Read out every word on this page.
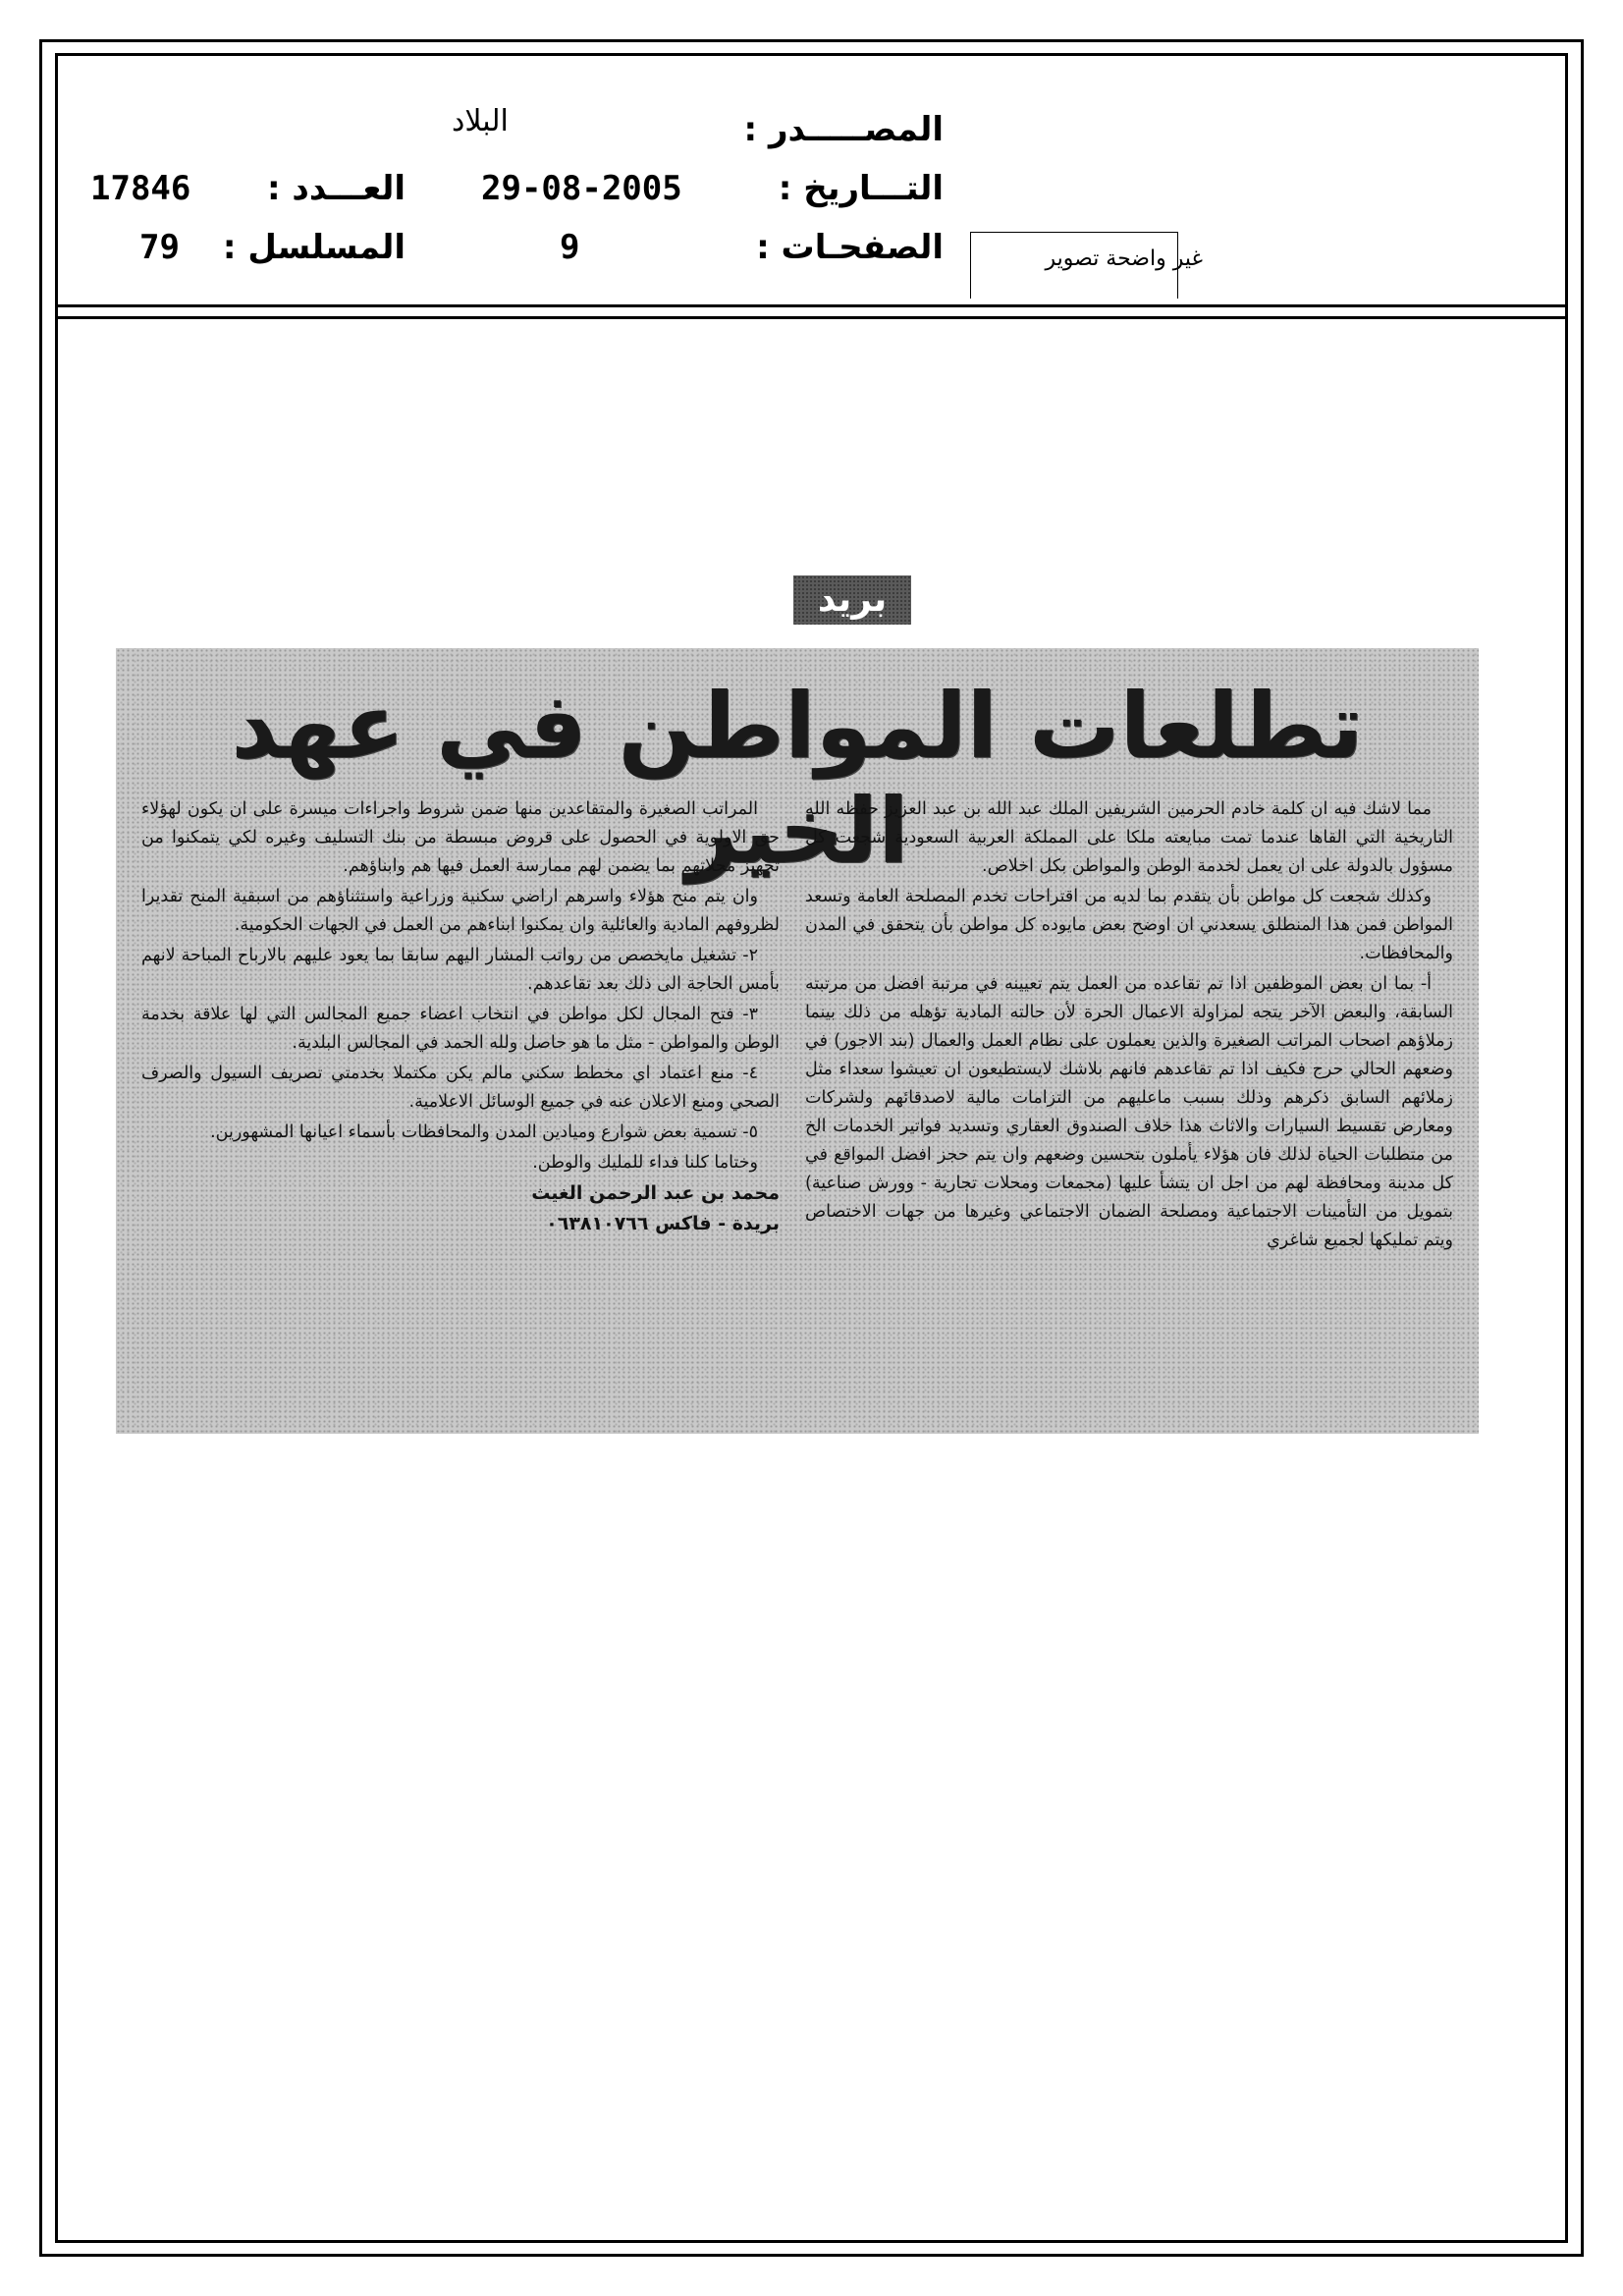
المصـــــدر :
التـــاريخ :
الصفحـات :
البلاد
29-08-2005
9
العـــدد :
المسلسل :
17846
79	غير واضحة تصوير
بريد
تطلعات المواطن في عهد الخير

مما لاشك فيه ان كلمة خادم الحرمين الشريفين الملك عبد الله بن عبد العزيز حفظه الله التاريخية التي القاها عندما تمت مبايعته ملكا على المملكة العربية السعودية شجعت كل مسؤول بالدولة على ان يعمل لخدمة الوطن والمواطن بكل اخلاص.

وكذلك شجعت كل مواطن بأن يتقدم بما لديه من اقتراحات تخدم المصلحة العامة وتسعد المواطن فمن هذا المنطلق يسعدني ان اوضح بعض مايوده كل مواطن بأن يتحقق في المدن والمحافظات.

أ- بما ان بعض الموظفين اذا تم تقاعده من العمل يتم تعيينه في مرتبة افضل من مرتبته السابقة، والبعض الآخر يتجه لمزاولة الاعمال الحرة لأن حالته المادية تؤهله من ذلك بينما زملاؤهم اصحاب المراتب الصغيرة والذين يعملون على نظام العمل والعمال (بند الاجور) في وضعهم الحالي حرج فكيف اذا تم تقاعدهم فانهم بلاشك لايستطيعون ان تعيشوا سعداء مثل زملائهم السابق ذكرهم وذلك بسبب ماعليهم من التزامات مالية لاصدقائهم ولشركات ومعارض تقسيط السيارات والاثاث هذا خلاف الصندوق العقاري وتسديد فواتير الخدمات الخ من متطلبات الحياة لذلك فان هؤلاء يأملون بتحسين وضعهم وان يتم حجز افضل المواقع في كل مدينة ومحافظة لهم من اجل ان يتشأ عليها (مجمعات ومحلات تجارية - وورش صناعية) بتمويل من التأمينات الاجتماعية ومصلحة الضمان الاجتماعي وغيرها من جهات الاختصاص ويتم تمليكها لجميع شاغري

المراتب الصغيرة والمتقاعدين منها ضمن شروط واجراءات ميسرة على ان يكون لهؤلاء حق الاولوية في الحصول على قروض مبسطة من بنك التسليف وغيره لكي يتمكنوا من تجهيز محلاتهم بما يضمن لهم ممارسة العمل فيها هم وابناؤهم.

وان يتم منح هؤلاء واسرهم اراضي سكنية وزراعية واستثناؤهم من اسبقية المنح تقديرا لظروفهم المادية والعائلية وان يمكنوا ابناءهم من العمل في الجهات الحكومية.

٢- تشغيل مايخصص من رواتب المشار اليهم سابقا بما يعود عليهم بالارباح المباحة لانهم بأمس الحاجة الى ذلك بعد تقاعدهم.

٣- فتح المجال لكل مواطن في انتخاب اعضاء جميع المجالس التي لها علاقة بخدمة الوطن والمواطن - مثل ما هو حاصل ولله الحمد في المجالس البلدية.

٤- منع اعتماد اي مخطط سكني مالم يكن مكتملا بخدمتي تصريف السيول والصرف الصحي ومنع الاعلان عنه في جميع الوسائل الاعلامية.

٥- تسمية بعض شوارع وميادين المدن والمحافظات بأسماء اعيانها المشهورين.

وختاما كلنا فداء للمليك والوطن.

محمد بن عبد الرحمن الغيث

بريدة - فاكس ٠٦٣٨١٠٧٦٦
